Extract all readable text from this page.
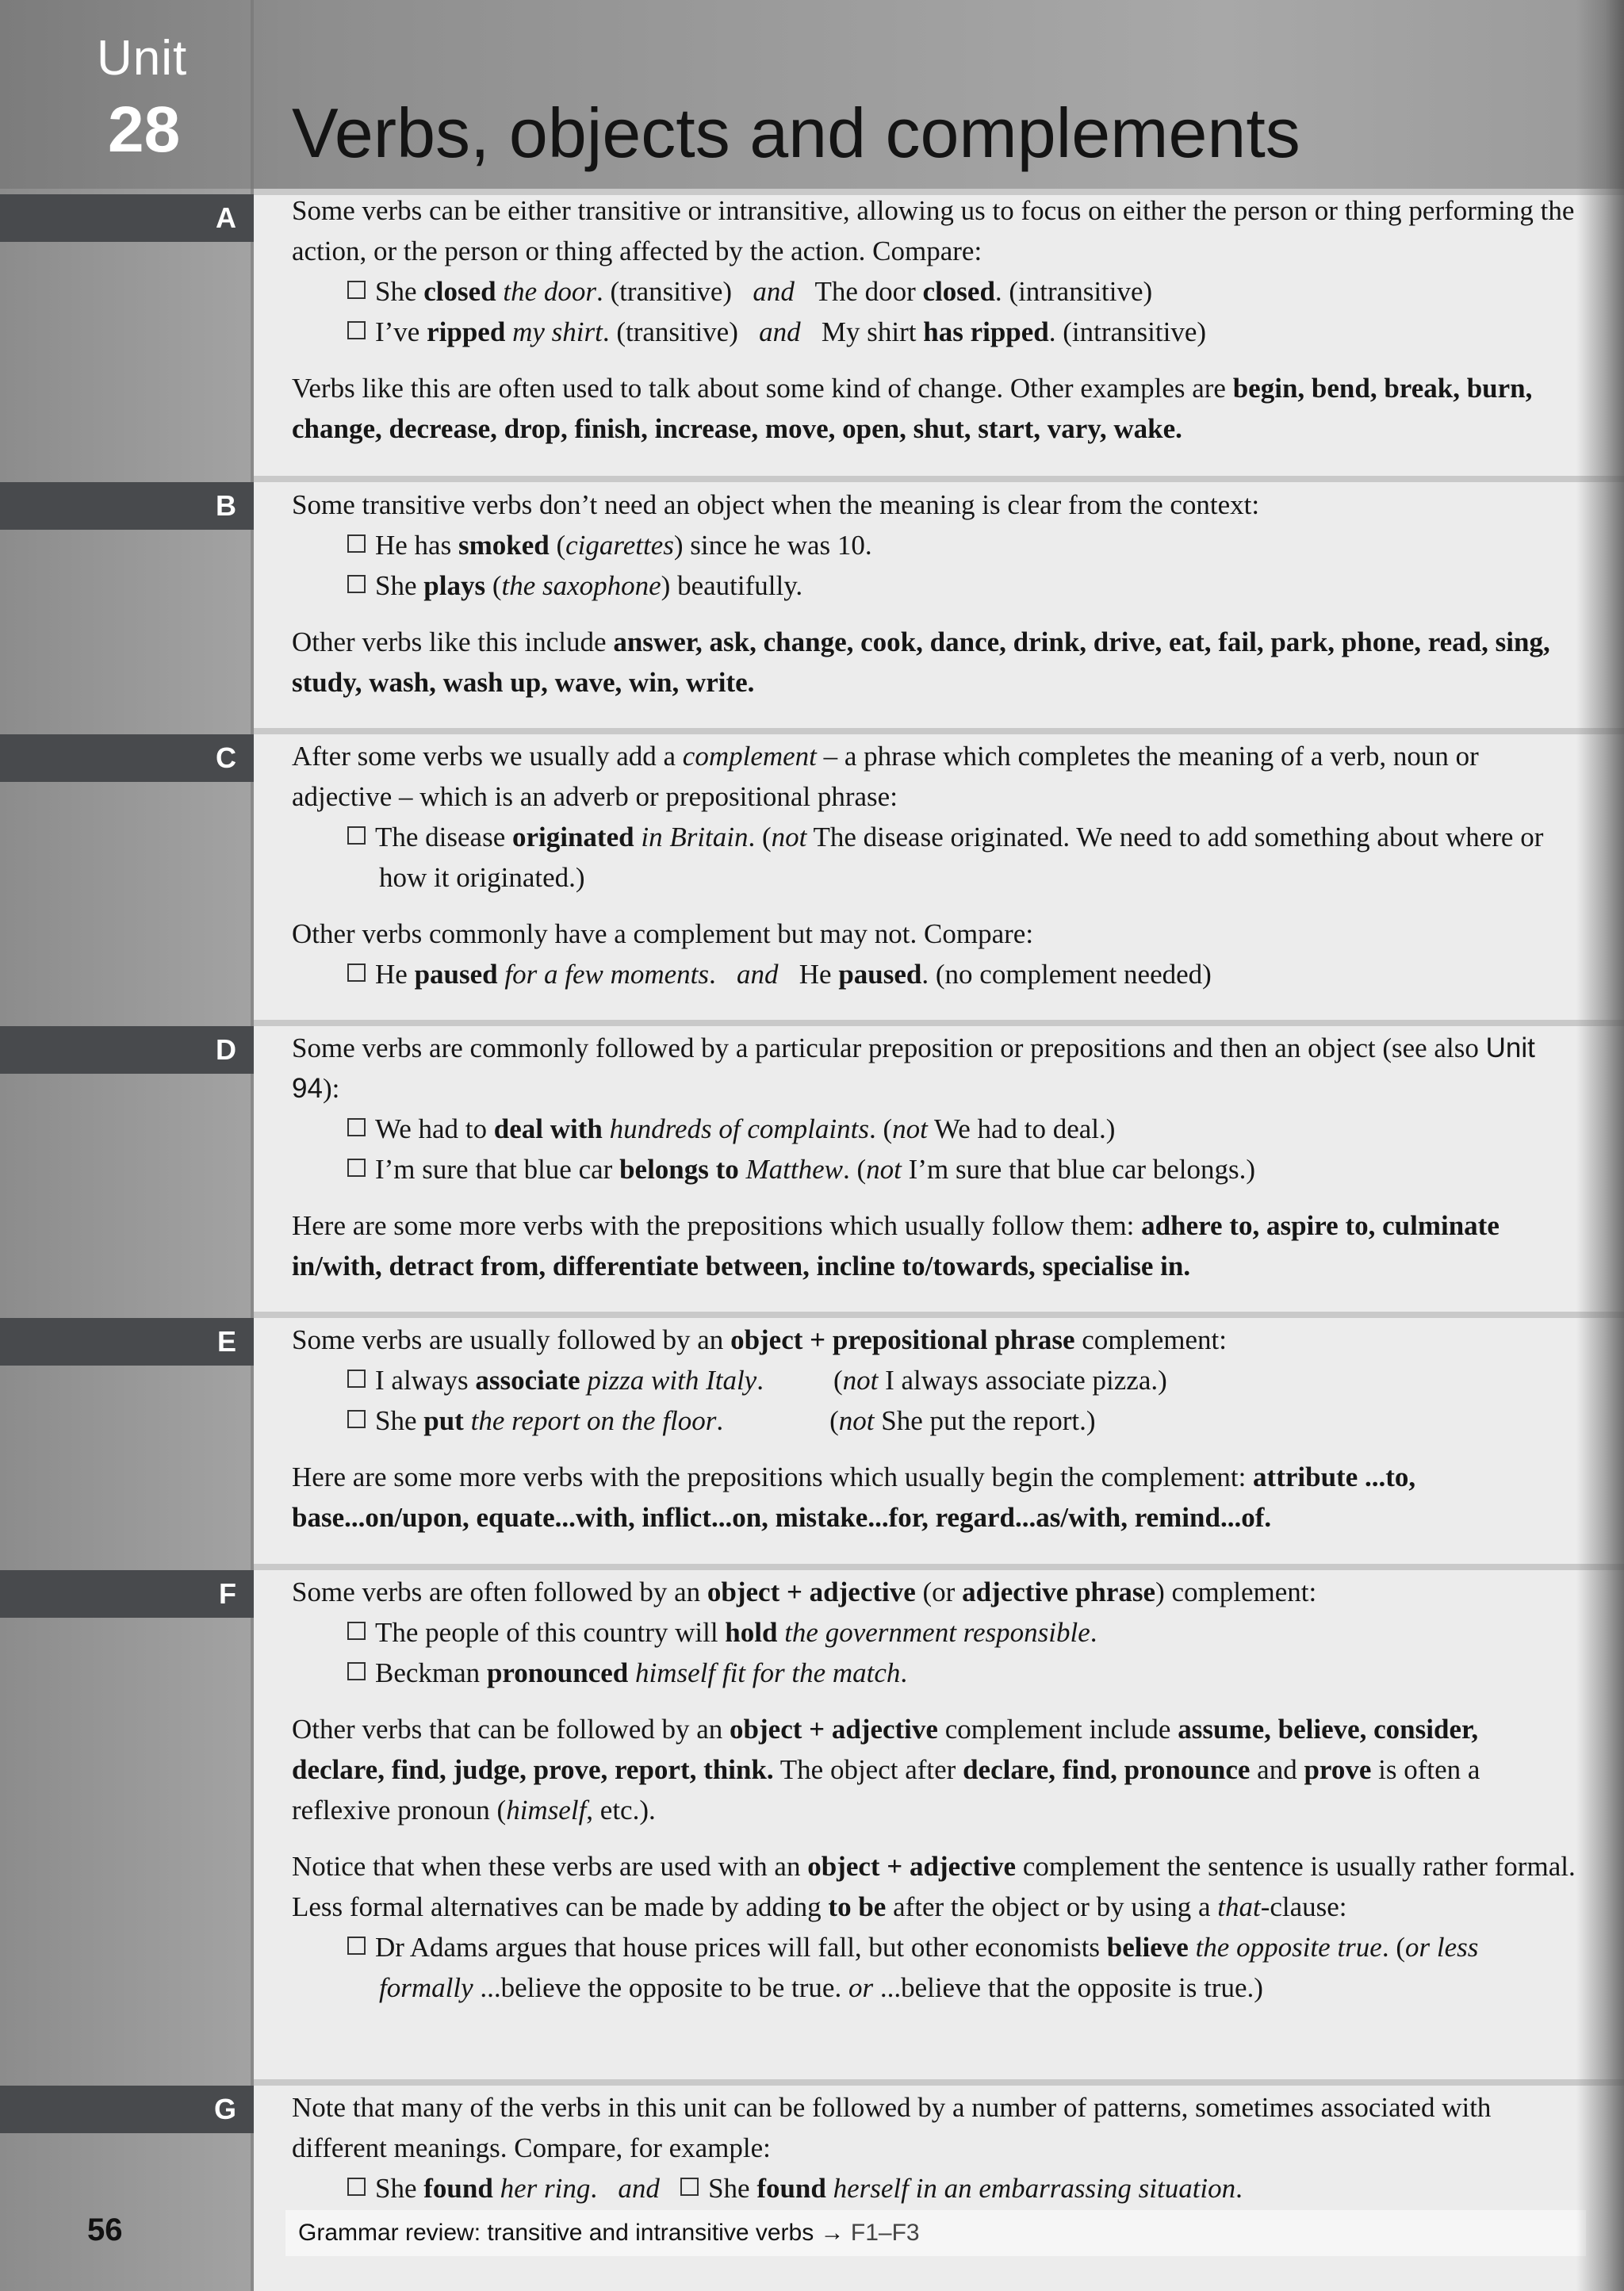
Unit
28	Verbs, objects and complements
A Some verbs can be either transitive or intransitive, allowing us to focus on either the person or thing performing the action, or the person or thing affected by the action. Compare:

She closed the door. (transitive)   and   The door closed. (intransitive)

I’ve ripped my shirt. (transitive)   and   My shirt has ripped. (intransitive)

Verbs like this are often used to talk about some kind of change. Other examples are begin, bend, break, burn, change, decrease, drop, finish, increase, move, open, shut, start, vary, wake.

B Some transitive verbs don’t need an object when the meaning is clear from the context:

He has smoked (cigarettes) since he was 10.

She plays (the saxophone) beautifully.

Other verbs like this include answer, ask, change, cook, dance, drink, drive, eat, fail, park, phone, read, sing, study, wash, wash up, wave, win, write.

C After some verbs we usually add a complement – a phrase which completes the meaning of a verb, noun or adjective – which is an adverb or prepositional phrase:

The disease originated in Britain. (not The disease originated. We need to add something about where or how it originated.)

Other verbs commonly have a complement but may not. Compare:

He paused for a few moments.   and   He paused. (no complement needed)

D Some verbs are commonly followed by a particular preposition or prepositions and then an object (see also Unit 94):

We had to deal with hundreds of complaints. (not We had to deal.)

I’m sure that blue car belongs to Matthew. (not I’m sure that blue car belongs.)

Here are some more verbs with the prepositions which usually follow them: adhere to, aspire to, culminate in/with, detract from, differentiate between, incline to/towards, specialise in.

E Some verbs are usually followed by an object + prepositional phrase complement:

I always associate pizza with Italy.	(not I always associate pizza.)

She put the report on the floor.	(not She put the report.)

Here are some more verbs with the prepositions which usually begin the complement: attribute ...to, base...on/upon, equate...with, inflict...on, mistake...for, regard...as/with, remind...of.

F Some verbs are often followed by an object + adjective (or adjective phrase) complement:

The people of this country will hold the government responsible.

Beckman pronounced himself fit for the match.

Other verbs that can be followed by an object + adjective complement include assume, believe, consider, declare, find, judge, prove, report, think. The object after declare, find, pronounce and prove is often a reflexive pronoun (himself, etc.).

Notice that when these verbs are used with an object + adjective complement the sentence is usually rather formal. Less formal alternatives can be made by adding to be after the object or by using a that-clause:

Dr Adams argues that house prices will fall, but other economists believe the opposite true. (or less formally ...believe the opposite to be true. or ...believe that the opposite is true.)

G Note that many of the verbs in this unit can be followed by a number of patterns, sometimes associated with different meanings. Compare, for example:

She found her ring.   and She found herself in an embarrassing situation.

56	Grammar review: transitive and intransitive verbs → F1–F3
